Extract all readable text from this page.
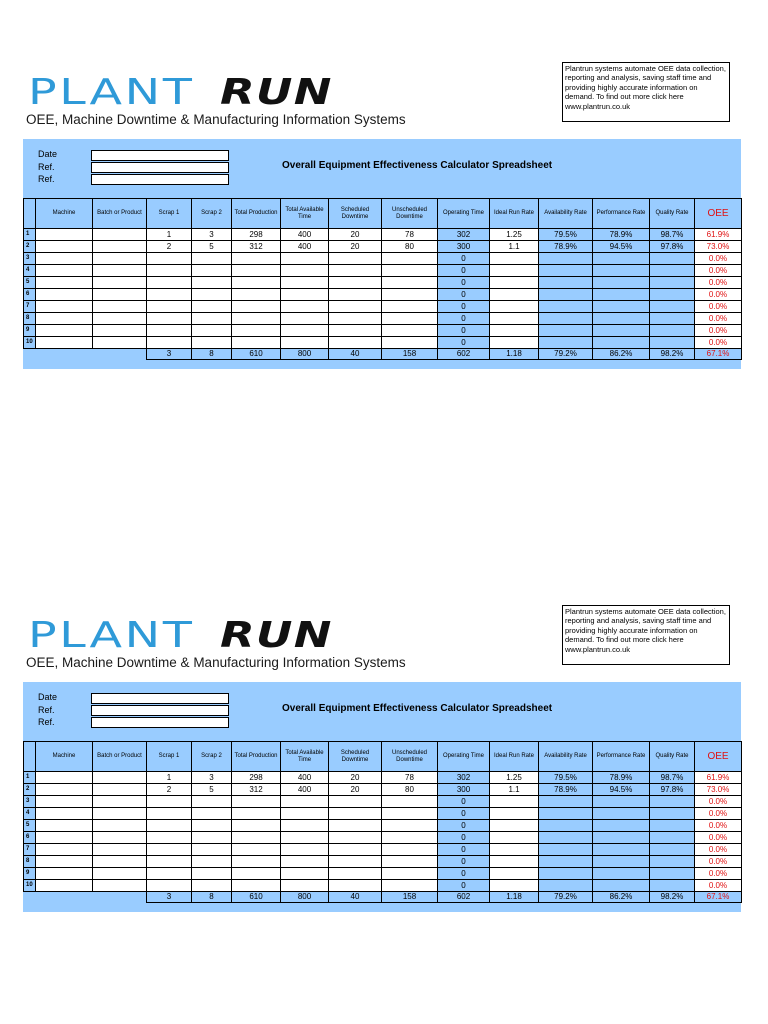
PLANT RUN
OEE, Machine Downtime & Manufacturing Information Systems
Plantrun systems automate OEE data collection, reporting and analysis, saving staff time and providing highly accurate information on demand. To find out more click here www.plantrun.co.uk
Date
Ref.
Ref.
Overall Equipment Effectiveness Calculator Spreadsheet
	Machine	Batch or Product	Scrap 1	Scrap 2	Total Production	Total Available Time	Scheduled Downtime	Unscheduled Downtime	Operating Time	Ideal Run Rate	Availability Rate	Performance Rate	Quality Rate	OEE
1			1	3	298	400	20	78	302	1.25	79.5%	78.9%	98.7%	61.9%
2			2	5	312	400	20	80	300	1.1	78.9%	94.5%	97.8%	73.0%
3									0					0.0%
4									0					0.0%
5									0					0.0%
6									0					0.0%
7									0					0.0%
8									0					0.0%
9									0					0.0%
10									0					0.0%
			3	8	610	800	40	158	602	1.18	79.2%	86.2%	98.2%	67.1%
PLANT RUN
OEE, Machine Downtime & Manufacturing Information Systems
Plantrun systems automate OEE data collection, reporting and analysis, saving staff time and providing highly accurate information on demand. To find out more click here www.plantrun.co.uk
Date
Ref.
Ref.
Overall Equipment Effectiveness Calculator Spreadsheet
	Machine	Batch or Product	Scrap 1	Scrap 2	Total Production	Total Available Time	Scheduled Downtime	Unscheduled Downtime	Operating Time	Ideal Run Rate	Availability Rate	Performance Rate	Quality Rate	OEE
1			1	3	298	400	20	78	302	1.25	79.5%	78.9%	98.7%	61.9%
2			2	5	312	400	20	80	300	1.1	78.9%	94.5%	97.8%	73.0%
3									0					0.0%
4									0					0.0%
5									0					0.0%
6									0					0.0%
7									0					0.0%
8									0					0.0%
9									0					0.0%
10									0					0.0%
			3	8	610	800	40	158	602	1.18	79.2%	86.2%	98.2%	67.1%
